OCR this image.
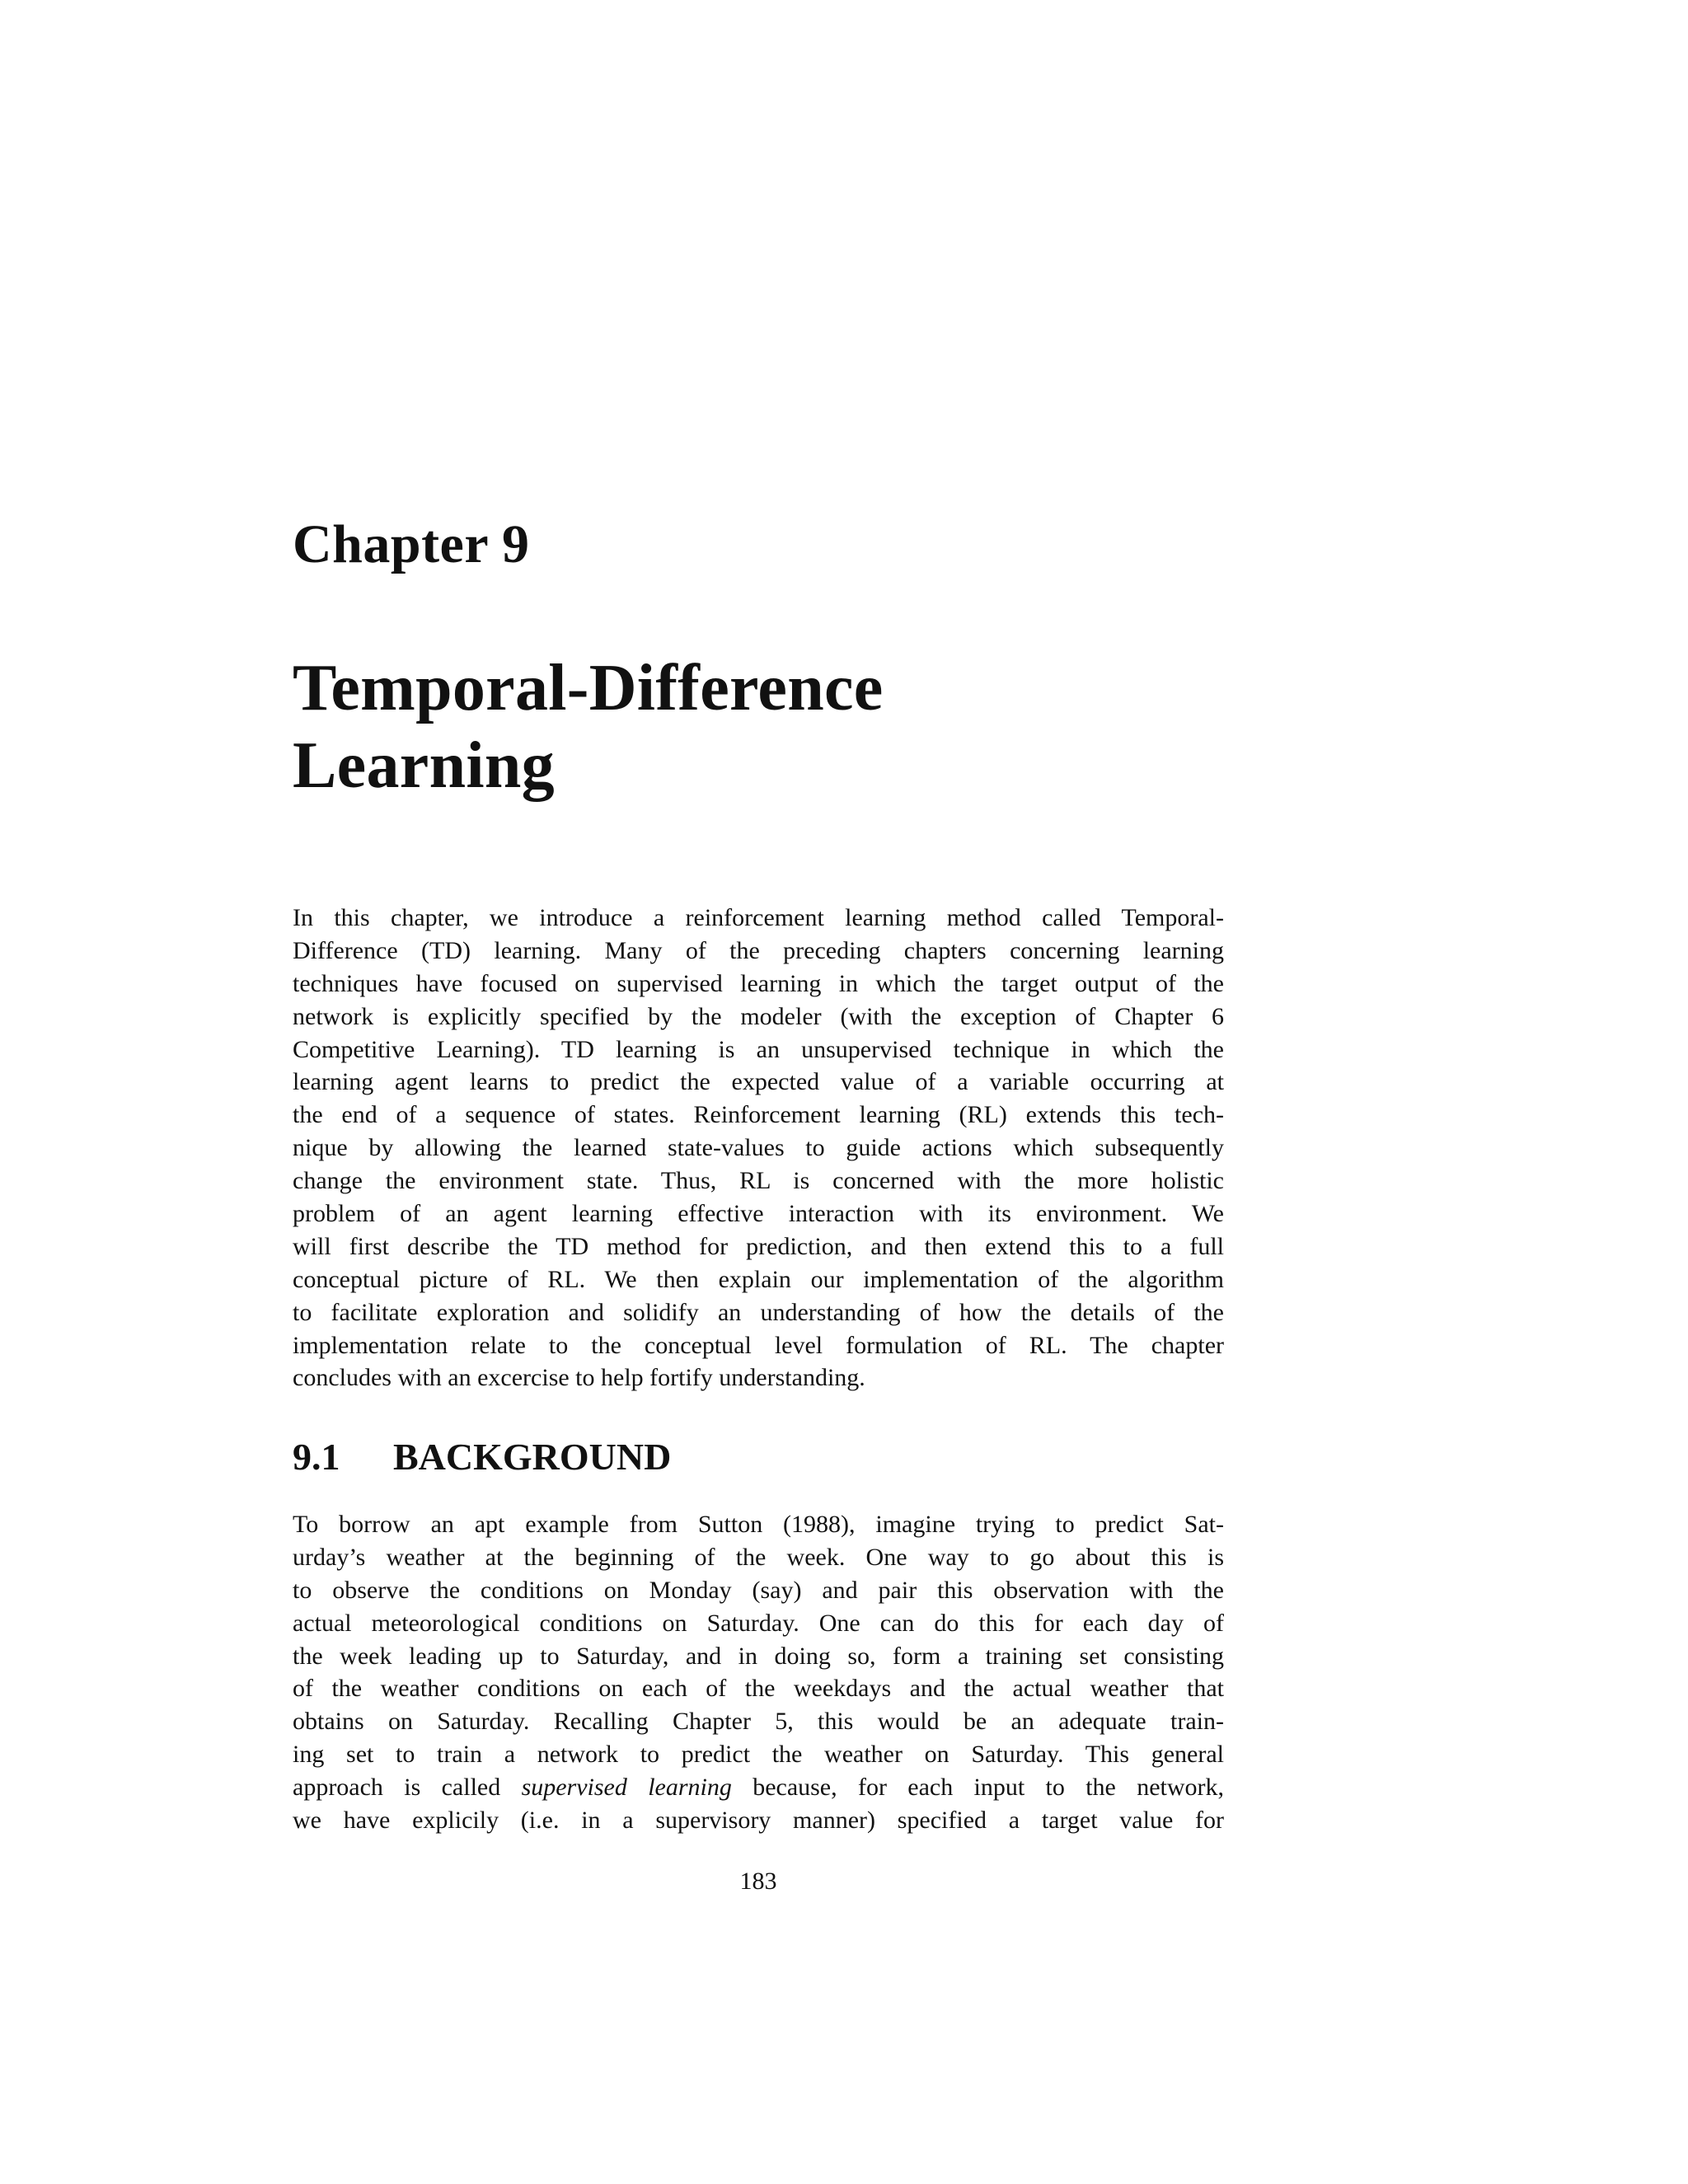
Chapter 9
Temporal-Difference
Learning
In this chapter, we introduce a reinforcement learning method called Temporal-
Difference (TD) learning. Many of the preceding chapters concerning learning
techniques have focused on supervised learning in which the target output of the
network is explicitly specified by the modeler (with the exception of Chapter 6
Competitive Learning). TD learning is an unsupervised technique in which the
learning agent learns to predict the expected value of a variable occurring at
the end of a sequence of states. Reinforcement learning (RL) extends this tech-
nique by allowing the learned state-values to guide actions which subsequently
change the environment state. Thus, RL is concerned with the more holistic
problem of an agent learning effective interaction with its environment. We
will first describe the TD method for prediction, and then extend this to a full
conceptual picture of RL. We then explain our implementation of the algorithm
to facilitate exploration and solidify an understanding of how the details of the
implementation relate to the conceptual level formulation of RL. The chapter
concludes with an excercise to help fortify understanding.
9.1 BACKGROUND
To borrow an apt example from Sutton (1988), imagine trying to predict Sat-
urday’s weather at the beginning of the week. One way to go about this is
to observe the conditions on Monday (say) and pair this observation with the
actual meteorological conditions on Saturday. One can do this for each day of
the week leading up to Saturday, and in doing so, form a training set consisting
of the weather conditions on each of the weekdays and the actual weather that
obtains on Saturday. Recalling Chapter 5, this would be an adequate train-
ing set to train a network to predict the weather on Saturday. This general
approach is called supervised learning because, for each input to the network,
we have explicily (i.e. in a supervisory manner) specified a target value for
183
